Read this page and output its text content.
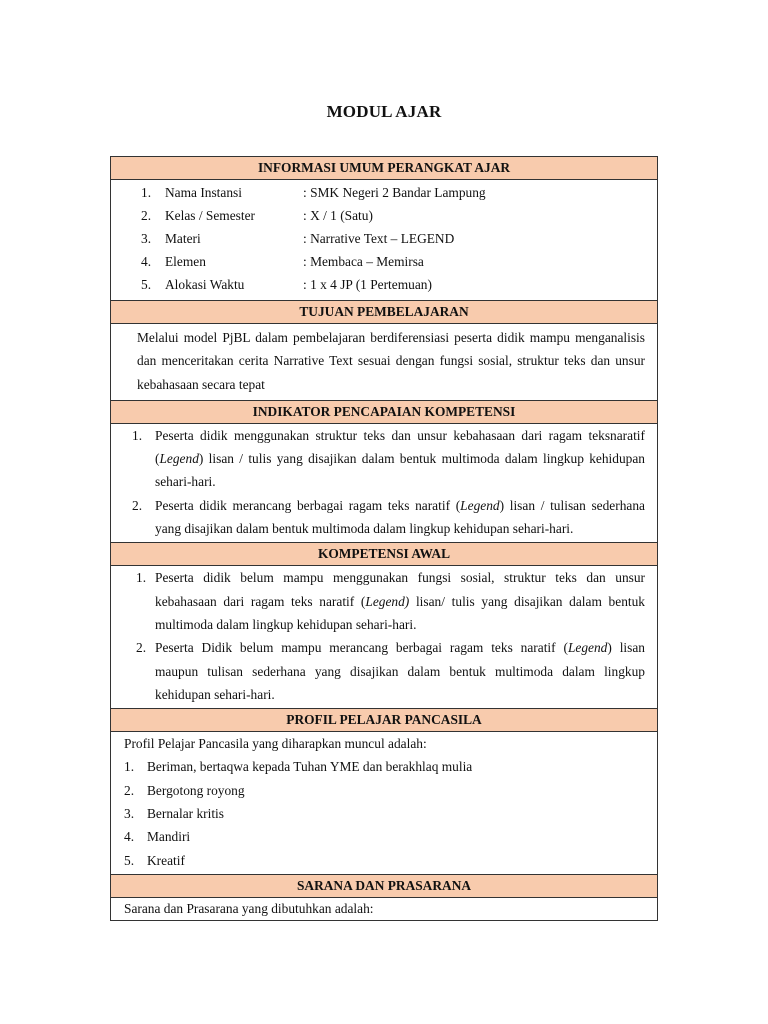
MODUL AJAR
INFORMASI UMUM PERANGKAT AJAR
1. Nama Instansi	: SMK Negeri 2 Bandar Lampung
2. Kelas / Semester	: X / 1 (Satu)
3. Materi	: Narrative Text – LEGEND
4. Elemen	: Membaca – Memirsa
5. Alokasi Waktu	: 1 x 4 JP (1 Pertemuan)
TUJUAN PEMBELAJARAN
Melalui model PjBL dalam pembelajaran berdiferensiasi peserta didik mampu menganalisis dan menceritakan cerita Narrative Text sesuai dengan fungsi sosial, struktur teks dan unsur kebahasaan secara tepat
INDIKATOR PENCAPAIAN KOMPETENSI
1. Peserta didik menggunakan struktur teks dan unsur kebahasaan dari ragam teksnaratif (Legend) lisan / tulis yang disajikan dalam bentuk multimoda dalam lingkup kehidupan sehari-hari.
2. Peserta didik merancang berbagai ragam teks naratif (Legend) lisan / tulisan sederhana yang disajikan dalam bentuk multimoda dalam lingkup kehidupan sehari-hari.
KOMPETENSI AWAL
1. Peserta didik belum mampu menggunakan fungsi sosial, struktur teks dan unsur kebahasaan dari ragam teks naratif (Legend) lisan/ tulis yang disajikan dalam bentuk multimoda dalam lingkup kehidupan sehari-hari.
2. Peserta Didik belum mampu merancang berbagai ragam teks naratif (Legend) lisan maupun tulisan sederhana yang disajikan dalam bentuk multimoda dalam lingkup kehidupan sehari-hari.
PROFIL PELAJAR PANCASILA
Profil Pelajar Pancasila yang diharapkan muncul adalah:
1. Beriman, bertaqwa kepada Tuhan YME dan berakhlaq mulia
2. Bergotong royong
3. Bernalar kritis
4. Mandiri
5. Kreatif
SARANA DAN PRASARANA
Sarana dan Prasarana yang dibutuhkan adalah:
